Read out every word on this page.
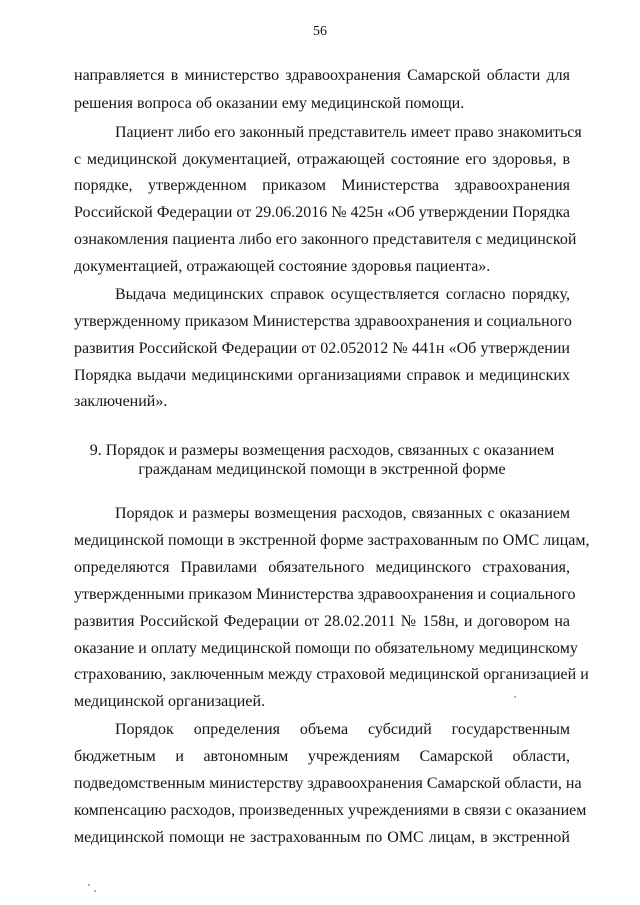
56
направляется в министерство здравоохранения Самарской области для
решения вопроса об оказании ему медицинской помощи.
Пациент либо его законный представитель имеет право знакомиться
с медицинской документацией, отражающей состояние его здоровья, в
порядке, утвержденном приказом Министерства здравоохранения
Российской Федерации от 29.06.2016 № 425н «Об утверждении Порядка
ознакомления пациента либо его законного представителя с медицинской
документацией, отражающей состояние здоровья пациента».
Выдача медицинских справок осуществляется согласно порядку,
утвержденному приказом Министерства здравоохранения и социального
развития Российской Федерации от 02.052012 № 441н «Об утверждении
Порядка выдачи медицинскими организациями справок и медицинских
заключений».
9. Порядок и размеры возмещения расходов, связанных с оказанием
гражданам медицинской помощи в экстренной форме
Порядок и размеры возмещения расходов, связанных с оказанием
медицинской помощи в экстренной форме застрахованным по ОМС лицам,
определяются Правилами обязательного медицинского страхования,
утвержденными приказом Министерства здравоохранения и социального
развития Российской Федерации от 28.02.2011 № 158н, и договором на
оказание и оплату медицинской помощи по обязательному медицинскому
страхованию, заключенным между страховой медицинской организацией и
медицинской организацией.
Порядок определения объема субсидий государственным
бюджетным и автономным учреждениям Самарской области,
подведомственным министерству здравоохранения Самарской области, на
компенсацию расходов, произведенных учреждениями в связи с оказанием
медицинской помощи не застрахованным по ОМС лицам, в экстренной
